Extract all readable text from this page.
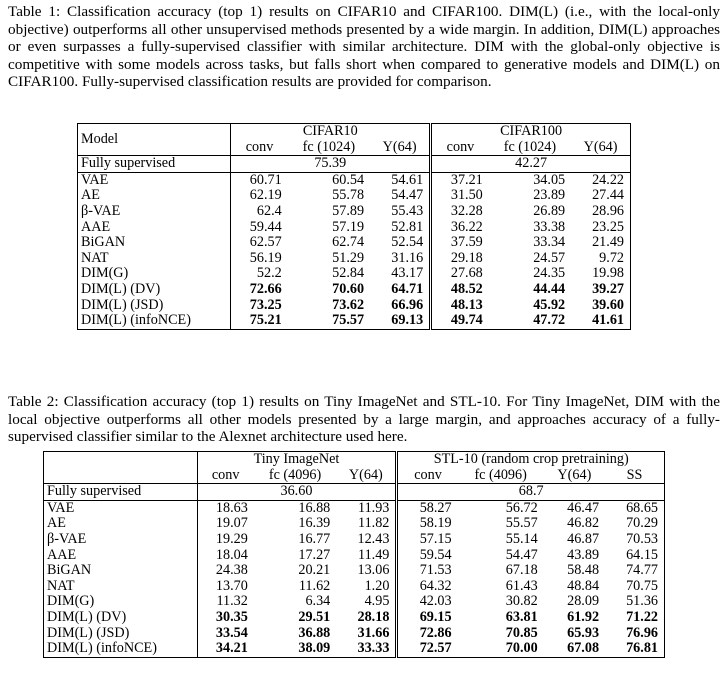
Table 1: Classification accuracy (top 1) results on CIFAR10 and CIFAR100. DIM(L) (i.e., with the local-only objective) outperforms all other unsupervised methods presented by a wide margin. In addition, DIM(L) approaches or even surpasses a fully-supervised classifier with similar architecture. DIM with the global-only objective is competitive with some models across tasks, but falls short when compared to generative models and DIM(L) on CIFAR100. Fully-supervised classification results are provided for comparison.
Model	CIFAR10			CIFAR100		
	conv	fc (1024)	Y(64)	conv	fc (1024)	Y(64)
Fully supervised	75.39			42.27		
VAE	60.71	60.54	54.61	37.21	34.05	24.22
AE	62.19	55.78	54.47	31.50	23.89	27.44
β-VAE	62.4	57.89	55.43	32.28	26.89	28.96
AAE	59.44	57.19	52.81	36.22	33.38	23.25
BiGAN	62.57	62.74	52.54	37.59	33.34	21.49
NAT	56.19	51.29	31.16	29.18	24.57	9.72
DIM(G)	52.2	52.84	43.17	27.68	24.35	19.98
DIM(L) (DV)	72.66	70.60	64.71	48.52	44.44	39.27
DIM(L) (JSD)	73.25	73.62	66.96	48.13	45.92	39.60
DIM(L) (infoNCE)	75.21	75.57	69.13	49.74	47.72	41.61
Table 2: Classification accuracy (top 1) results on Tiny ImageNet and STL-10. For Tiny ImageNet, DIM with the local objective outperforms all other models presented by a large margin, and approaches accuracy of a fully-supervised classifier similar to the Alexnet architecture used here.
	Tiny ImageNet			STL-10 (random crop pretraining)			
	conv	fc (4096)	Y(64)	conv	fc (4096)	Y(64)	SS
Fully supervised	36.60			68.7			
VAE	18.63	16.88	11.93	58.27	56.72	46.47	68.65
AE	19.07	16.39	11.82	58.19	55.57	46.82	70.29
β-VAE	19.29	16.77	12.43	57.15	55.14	46.87	70.53
AAE	18.04	17.27	11.49	59.54	54.47	43.89	64.15
BiGAN	24.38	20.21	13.06	71.53	67.18	58.48	74.77
NAT	13.70	11.62	1.20	64.32	61.43	48.84	70.75
DIM(G)	11.32	6.34	4.95	42.03	30.82	28.09	51.36
DIM(L) (DV)	30.35	29.51	28.18	69.15	63.81	61.92	71.22
DIM(L) (JSD)	33.54	36.88	31.66	72.86	70.85	65.93	76.96
DIM(L) (infoNCE)	34.21	38.09	33.33	72.57	70.00	67.08	76.81
